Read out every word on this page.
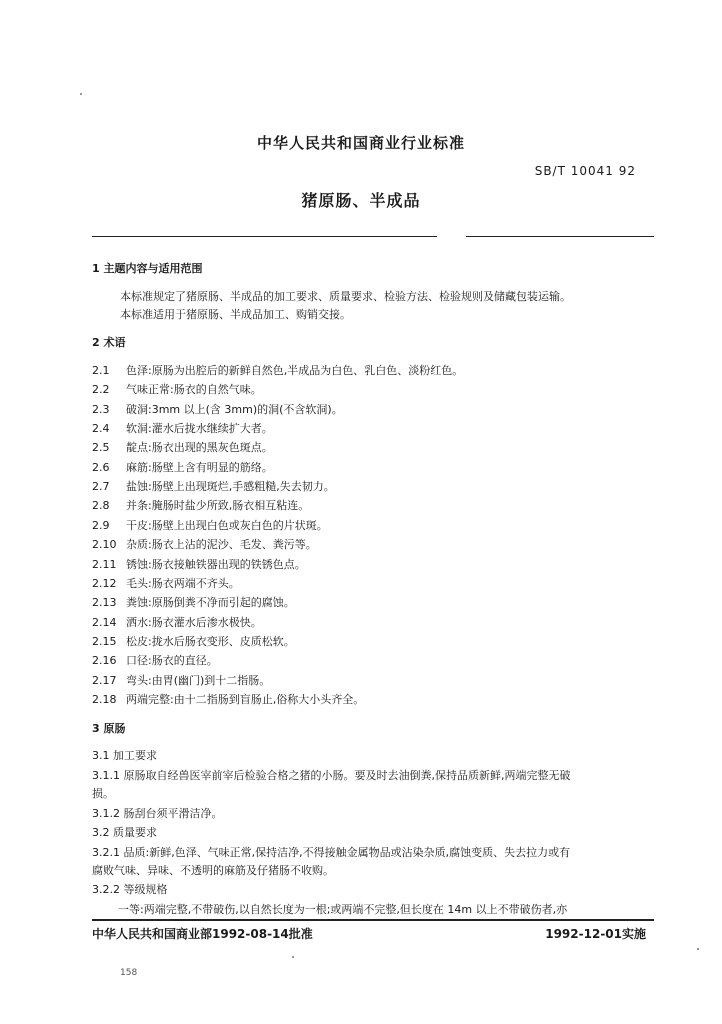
中华人民共和国商业行业标准
SB/T 10041 92
猪原肠、半成品
1 主题内容与适用范围
本标准规定了猪原肠、半成品的加工要求、质量要求、检验方法、检验规则及储藏包装运输。
本标准适用于猪原肠、半成品加工、购销交接。
2 术语
2.1 色泽:原肠为出腔后的新鲜自然色,半成品为白色、乳白色、淡粉红色。
2.2 气味正常:肠衣的自然气味。
2.3 破洞:3mm 以上(含 3mm)的洞(不含软洞)。
2.4 软洞:灌水后拢水继续扩大者。
2.5 靛点:肠衣出现的黑灰色斑点。
2.6 麻筋:肠壁上含有明显的筋络。
2.7 盐蚀:肠壁上出现斑烂,手感粗糙,失去韧力。
2.8 并条:腌肠时盐少所致,肠衣相互粘连。
2.9 干皮:肠壁上出现白色或灰白色的片状斑。
2.10 杂质:肠衣上沾的泥沙、毛发、粪污等。
2.11 锈蚀:肠衣接触铁器出现的铁锈色点。
2.12 毛头:肠衣两端不齐头。
2.13 粪蚀:原肠倒粪不净而引起的腐蚀。
2.14 洒水:肠衣灌水后渗水极快。
2.15 松皮:拢水后肠衣变形、皮质松软。
2.16 口径:肠衣的直径。
2.17 弯头:由胃(幽门)到十二指肠。
2.18 两端完整:由十二指肠到盲肠止,俗称大小头齐全。
3 原肠
3.1 加工要求
3.1.1 原肠取自经兽医宰前宰后检验合格之猪的小肠。要及时去油倒粪,保持品质新鲜,两端完整无破
损。
3.1.2 肠刮台须平滑洁净。
3.2 质量要求
3.2.1 品质:新鲜,色泽、气味正常,保持洁净,不得接触金属物品或沾染杂质,腐蚀变质、失去拉力或有
腐败气味、异味、不透明的麻筋及仔猪肠不收购。
3.2.2 等级规格
一等:两端完整,不带破伤,以自然长度为一根;或两端不完整,但长度在 14m 以上不带破伤者,亦
中华人民共和国商业部1992-08-14批准	1992-12-01实施
158
